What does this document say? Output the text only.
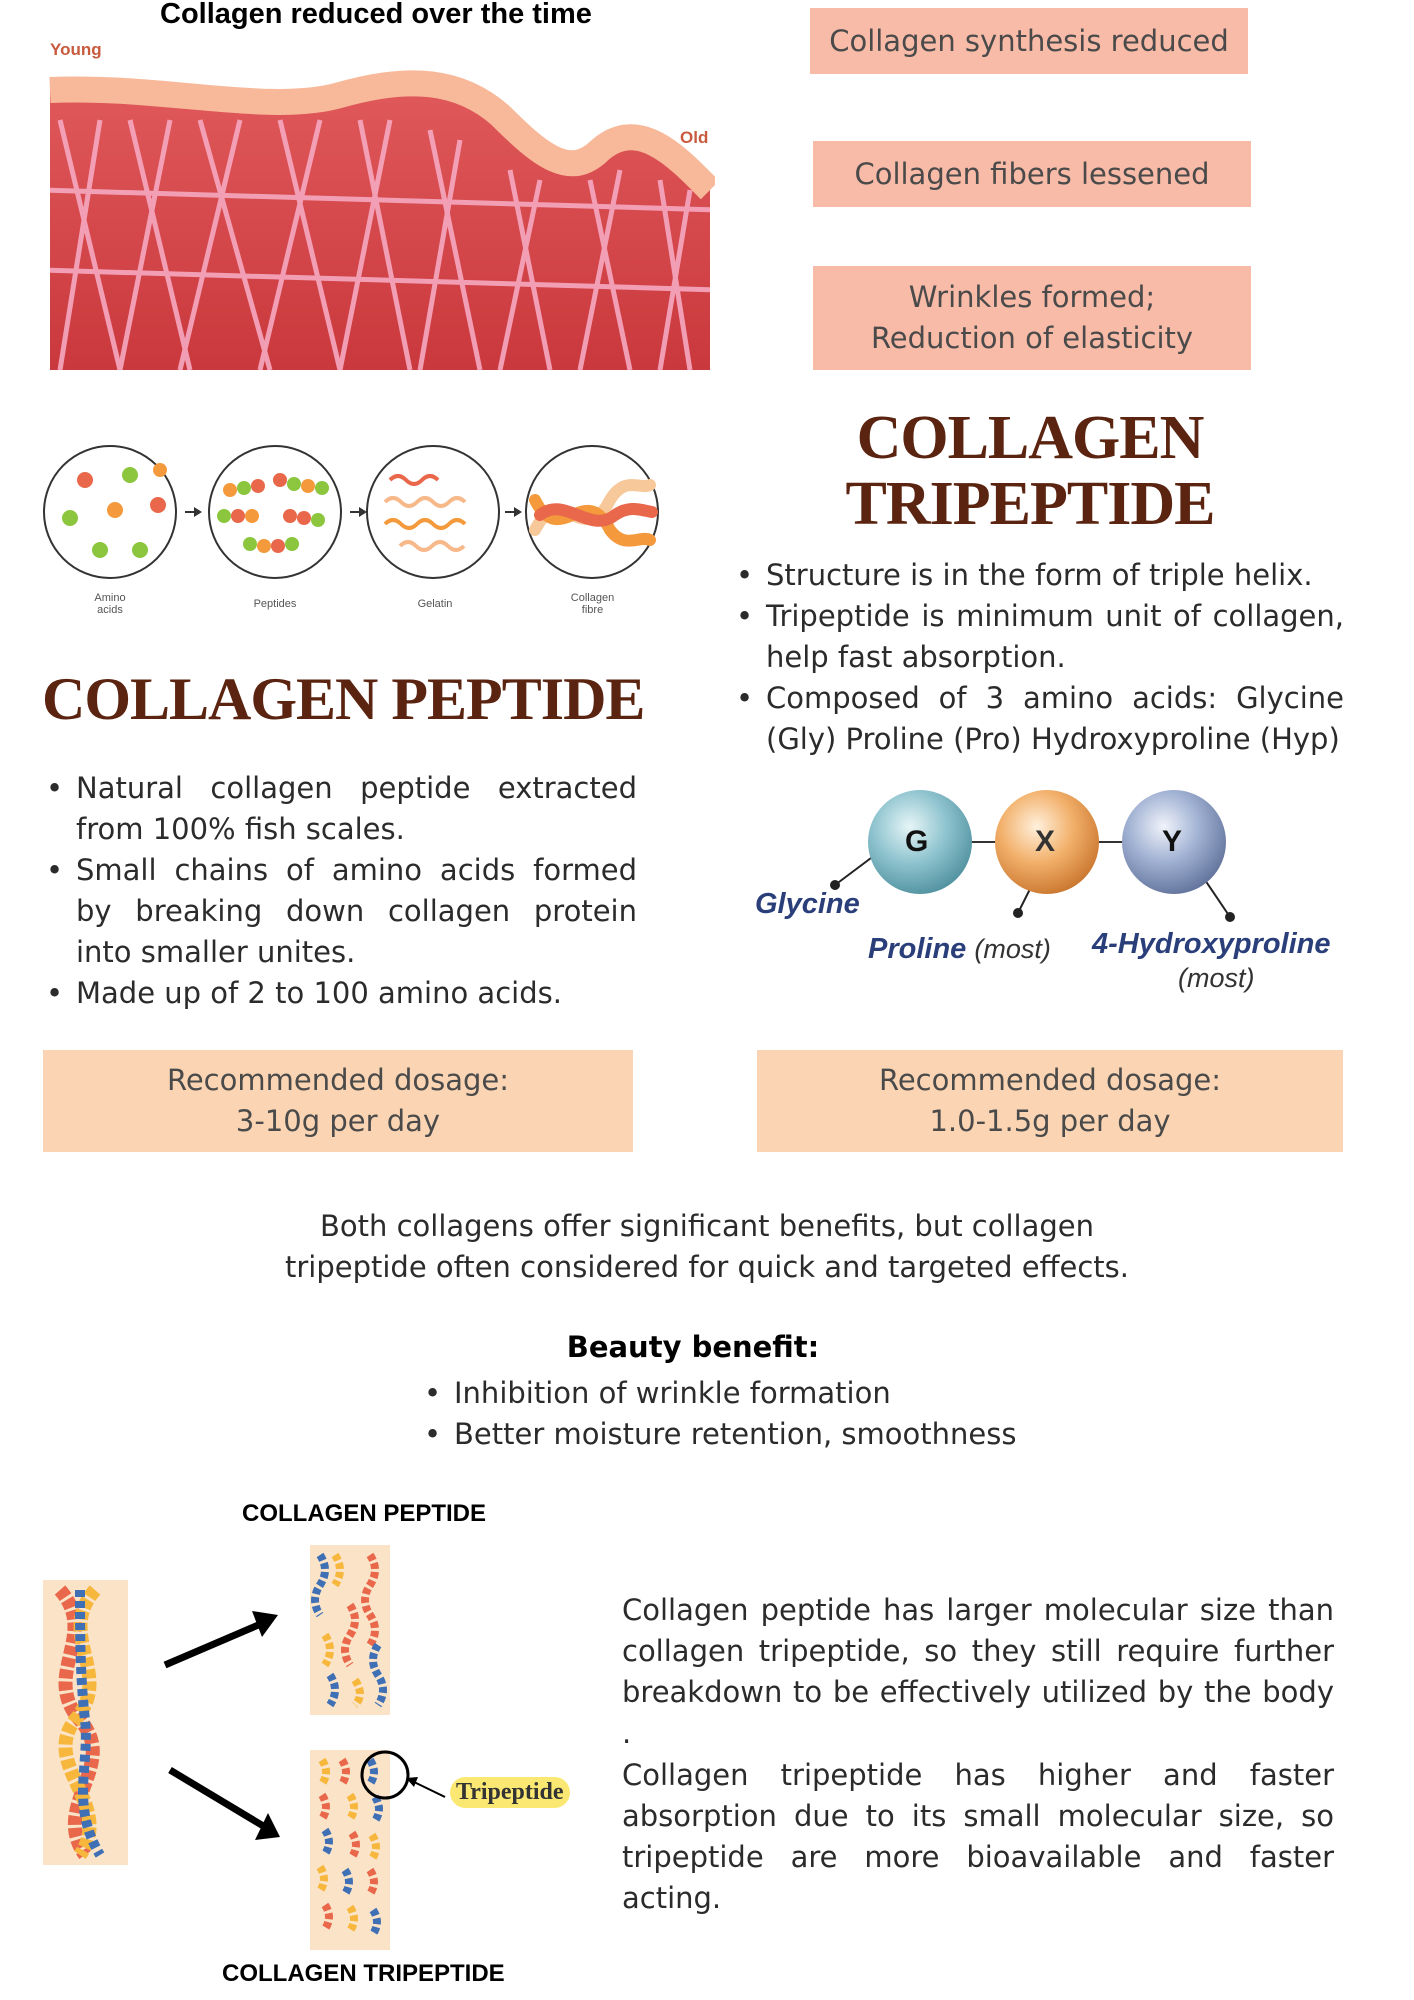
Collagen reduced over the time
Young
Old
Collagen synthesis reduced
Collagen fibers lessened
Wrinkles formed;
Reduction of elasticity
Amino acids	Peptides	Gelatin	Collagen fibre
COLLAGEN PEPTIDE
• Natural collagen peptide extracted from 100% fish scales.
• Small chains of amino acids formed by breaking down collagen protein into smaller unites.
• Made up of 2 to 100 amino acids.
Recommended dosage:
3-10g per day
COLLAGEN
TRIPEPTIDE
• Structure is in the form of triple helix.
• Tripeptide is minimum unit of collagen, help fast absorption.
• Composed of 3 amino acids: Glycine (Gly) Proline (Pro) Hydroxyproline (Hyp)
G	X	Y
Glycine
Proline (most) 4-Hydroxyproline
(most)
Recommended dosage:
1.0-1.5g per day
Both collagens offer significant benefits, but collagen
tripeptide often considered for quick and targeted effects.
Beauty benefit:
• Inhibition of wrinkle formation
• Better moisture retention, smoothness
COLLAGEN PEPTIDE
Tripeptide
COLLAGEN TRIPEPTIDE
Collagen peptide has larger molecular size than collagen tripeptide, so they still require further breakdown to be effectively utilized by the body .
Collagen tripeptide has higher and faster absorption due to its small molecular size, so tripeptide are more bioavailable and faster acting.
